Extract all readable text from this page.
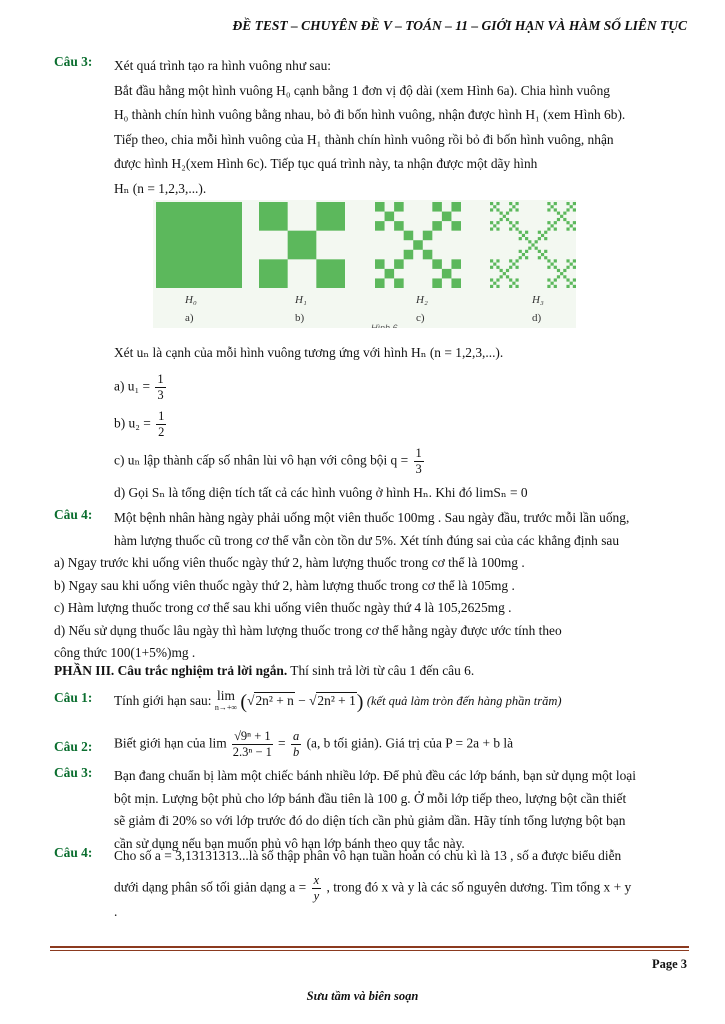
ĐỀ TEST – CHUYÊN ĐỀ V – TOÁN – 11 – GIỚI HẠN VÀ HÀM SỐ LIÊN TỤC
Câu 3: Xét quá trình tạo ra hình vuông như sau:
Bắt đầu hằng một hình vuông H₀ cạnh bằng 1 đơn vị độ dài (xem Hình 6a). Chia hình vuông
H₀ thành chín hình vuông bằng nhau, bỏ đi bốn hình vuông, nhận được hình H₁ (xem Hình 6b).
Tiếp theo, chia mỗi hình vuông của H₁ thành chín hình vuông rồi bỏ đi bốn hình vuông, nhận
được hình H₂(xem Hình 6c). Tiếp tục quá trình này, ta nhận được một dãy hình
Hₙ (n = 1,2,3,...).
H₀
a)
H₁
b)
H₂
c)
H₃
d)
Hình 6
Xét uₙ là cạnh của mỗi hình vuông tương ứng với hình Hₙ (n = 1,2,3,...).
a) $u_1 = \frac{1}{3}$
b) $u_2 = \frac{1}{2}$
c) uₙ lập thành cấp số nhân lùi vô hạn với công bội $q = \frac{1}{3}$
d) Gọi Sₙ là tổng diện tích tất cả các hình vuông ở hình Hₙ. Khi đó limSₙ = 0
Câu 4: Một bệnh nhân hàng ngày phải uống một viên thuốc 100mg . Sau ngày đầu, trước mỗi lần uống,
hàm lượng thuốc cũ trong cơ thể vẫn còn tồn dư 5%. Xét tính đúng sai của các khẳng định sau
a) Ngay trước khi uống viên thuốc ngày thứ 2, hàm lượng thuốc trong cơ thể là 100mg .
b) Ngay sau khi uống viên thuốc ngày thứ 2, hàm lượng thuốc trong cơ thể là 105mg .
c) Hàm lượng thuốc trong cơ thể sau khi uống viên thuốc ngày thứ 4 là 105,2625mg .
d) Nếu sử dụng thuốc lâu ngày thì hàm lượng thuốc trong cơ thể hằng ngày được ước tính theo
công thức 100(1+5%)mg .
PHẦN III. Câu trắc nghiệm trả lời ngắn. Thí sinh trả lời từ câu 1 đến câu 6.
Câu 1: Tính giới hạn sau: lim
n→+∞ (√2n² + n − √2n² + 1) (kết quả làm tròn đến hàng phần trăm)
Câu 2: Biết giới hạn của $\lim \frac{\text{√9ⁿ + 1}}{\text{2.3ⁿ − 1}} = \frac{a}{b} (a$, b tối giản). Giá trị của P = 2a + b là
Câu 3: Bạn đang chuẩn bị làm một chiếc bánh nhiều lớp. Để phủ đều các lớp bánh, bạn sử dụng một loại
bột mịn. Lượng bột phủ cho lớp bánh đầu tiên là 100 g. Ở mỗi lớp tiếp theo, lượng bột cần thiết
sẽ giảm đi 20% so với lớp trước đó do diện tích cần phủ giảm dần. Hãy tính tổng lượng bột bạn
cần sử dụng nếu bạn muốn phủ vô hạn lớp bánh theo quy tắc này.
Câu 4: Cho số a = 3,13131313...là số thập phân vô hạn tuần hoàn có chu kì là 13 , số a được biểu diễn
dưới dạng phân số tối giản dạng $a = \frac{x}{y}$ , trong đó x và y là các số nguyên dương. Tìm tổng x + y
.
Page 3
Sưu tầm và biên soạn
